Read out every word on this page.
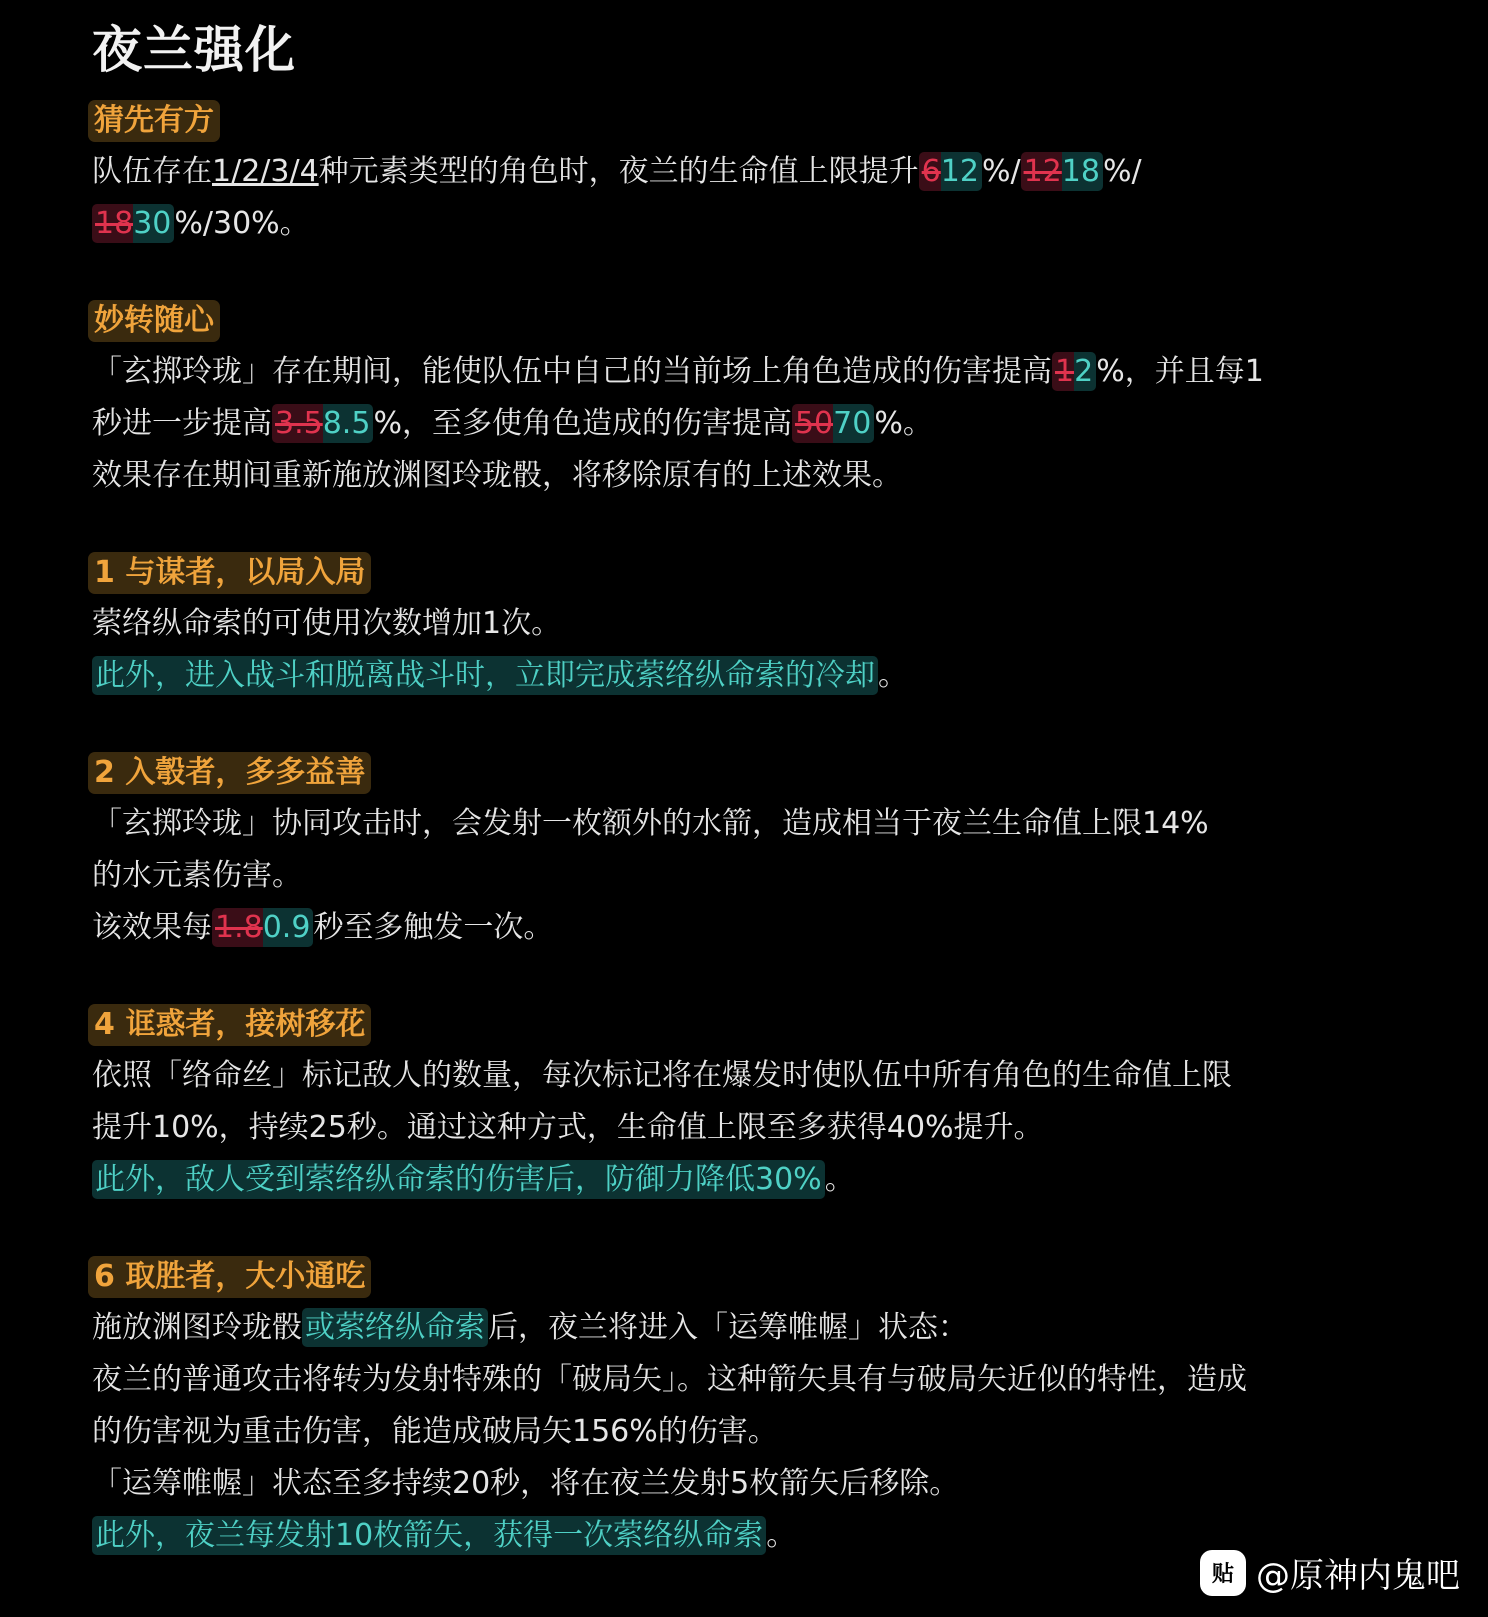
夜兰强化
猜先有方
队伍存在1/2/3/4种元素类型的角色时，夜兰的生命值上限提升 612 %/ 1218 %/
1830 %/30%。
妙转随心
「玄掷玲珑」存在期间，能使队伍中自己的当前场上角色造成的伤害提高 12 %，并且每1
秒进一步提高 3.58.5 %，至多使角色造成的伤害提高 5070 %。
效果存在期间重新施放渊图玲珑骰，将移除原有的上述效果。
1 与谋者，以局入局
萦络纵命索的可使用次数增加1次。
此外，进入战斗和脱离战斗时，立即完成萦络纵命索的冷却 。
2 入彀者，多多益善
「玄掷玲珑」协同攻击时，会发射一枚额外的水箭，造成相当于夜兰生命值上限14%
的水元素伤害。
该效果每 1.80.9 秒至多触发一次。
4 诓惑者，接树移花
依照「络命丝」标记敌人的数量，每次标记将在爆发时使队伍中所有角色的生命值上限
提升10%，持续25秒。通过这种方式，生命值上限至多获得40%提升。
此外，敌人受到萦络纵命索的伤害后，防御力降低30% 。
6 取胜者，大小通吃
施放渊图玲珑骰 或萦络纵命索 后，夜兰将进入「运筹帷幄」状态：
夜兰的普通攻击将转为发射特殊的「破局矢」。这种箭矢具有与破局矢近似的特性，造成
的伤害视为重击伤害，能造成破局矢156%的伤害。
「运筹帷幄」状态至多持续20秒，将在夜兰发射5枚箭矢后移除。
此外，夜兰每发射10枚箭矢，获得一次萦络纵命索 。
贴 @原神内鬼吧
